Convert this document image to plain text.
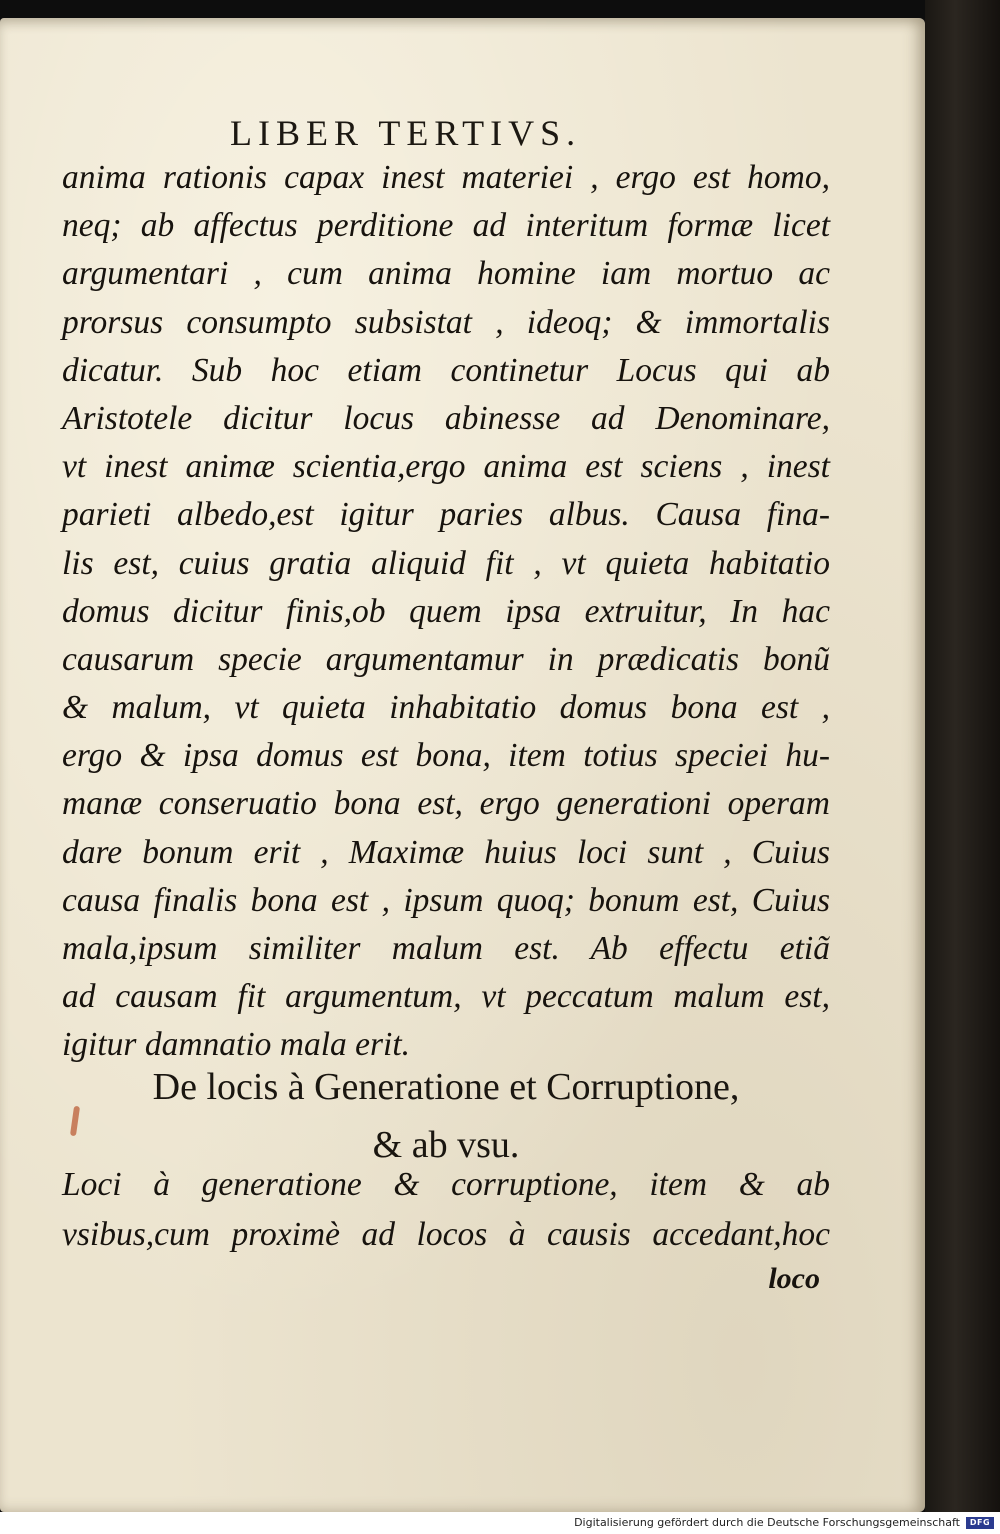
LIBER TERTIVS.
anima rationis capax inest materiei , ergo est homo,
neq; ab affectus perditione ad interitum formæ licet
argumentari , cum anima homine iam mortuo ac
prorsus consumpto subsistat , ideoq; & immortalis
dicatur. Sub hoc etiam continetur Locus qui ab
Aristotele dicitur locus abinesse ad Denominare,
vt inest animæ scientia,ergo anima est sciens , inest
parieti albedo,est igitur paries albus. Causa fina-
lis est, cuius gratia aliquid fit , vt quieta habitatio
domus dicitur finis,ob quem ipsa extruitur, In hac
causarum specie argumentamur in prædicatis bonũ
& malum, vt quieta inhabitatio domus bona est ,
ergo & ipsa domus est bona, item totius speciei hu-
manæ conseruatio bona est, ergo generationi operam
dare bonum erit , Maximæ huius loci sunt , Cuius
causa finalis bona est , ipsum quoq; bonum est, Cuius
mala,ipsum similiter malum est. Ab effectu etiã
ad causam fit argumentum, vt peccatum malum est,
igitur damnatio mala erit.
De locis à Generatione et Corruptione,
& ab vsu.
Loci à generatione & corruptione, item & ab
vsibus,cum proximè ad locos à causis accedant,hoc
loco
Digitalisierung gefördert durch die Deutsche Forschungsgemeinschaft	DFG
